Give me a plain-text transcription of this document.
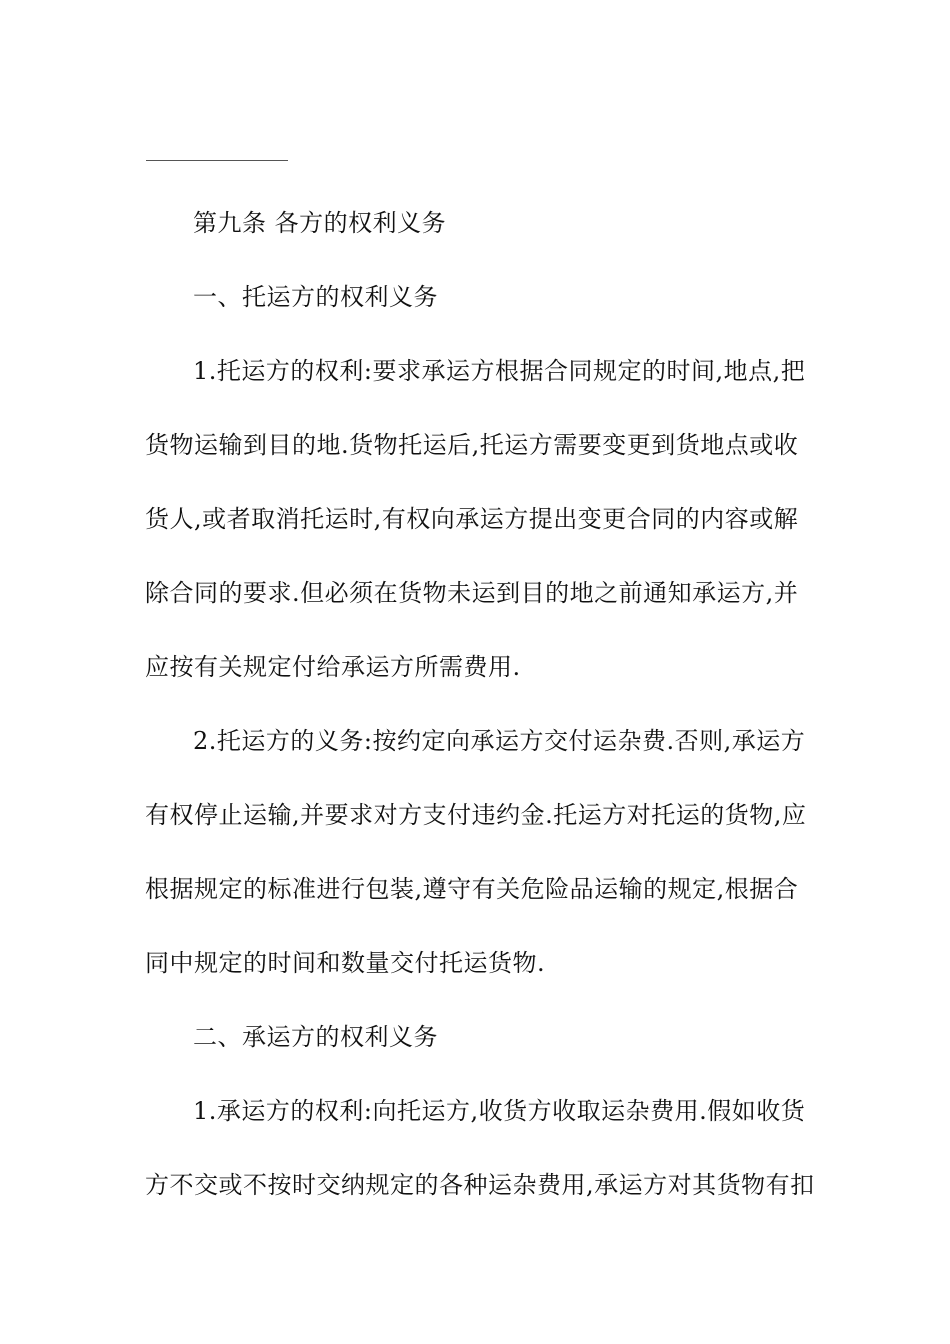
第九条 各方的权利义务
一、托运方的权利义务
1.托运方的权利:要求承运方根据合同规定的时间,地点,把
货物运输到目的地.货物托运后,托运方需要变更到货地点或收
货人,或者取消托运时,有权向承运方提出变更合同的内容或解
除合同的要求.但必须在货物未运到目的地之前通知承运方,并
应按有关规定付给承运方所需费用.
2.托运方的义务:按约定向承运方交付运杂费.否则,承运方
有权停止运输,并要求对方支付违约金.托运方对托运的货物,应
根据规定的标准进行包装,遵守有关危险品运输的规定,根据合
同中规定的时间和数量交付托运货物.
二、承运方的权利义务
1.承运方的权利:向托运方,收货方收取运杂费用.假如收货
方不交或不按时交纳规定的各种运杂费用,承运方对其货物有扣
